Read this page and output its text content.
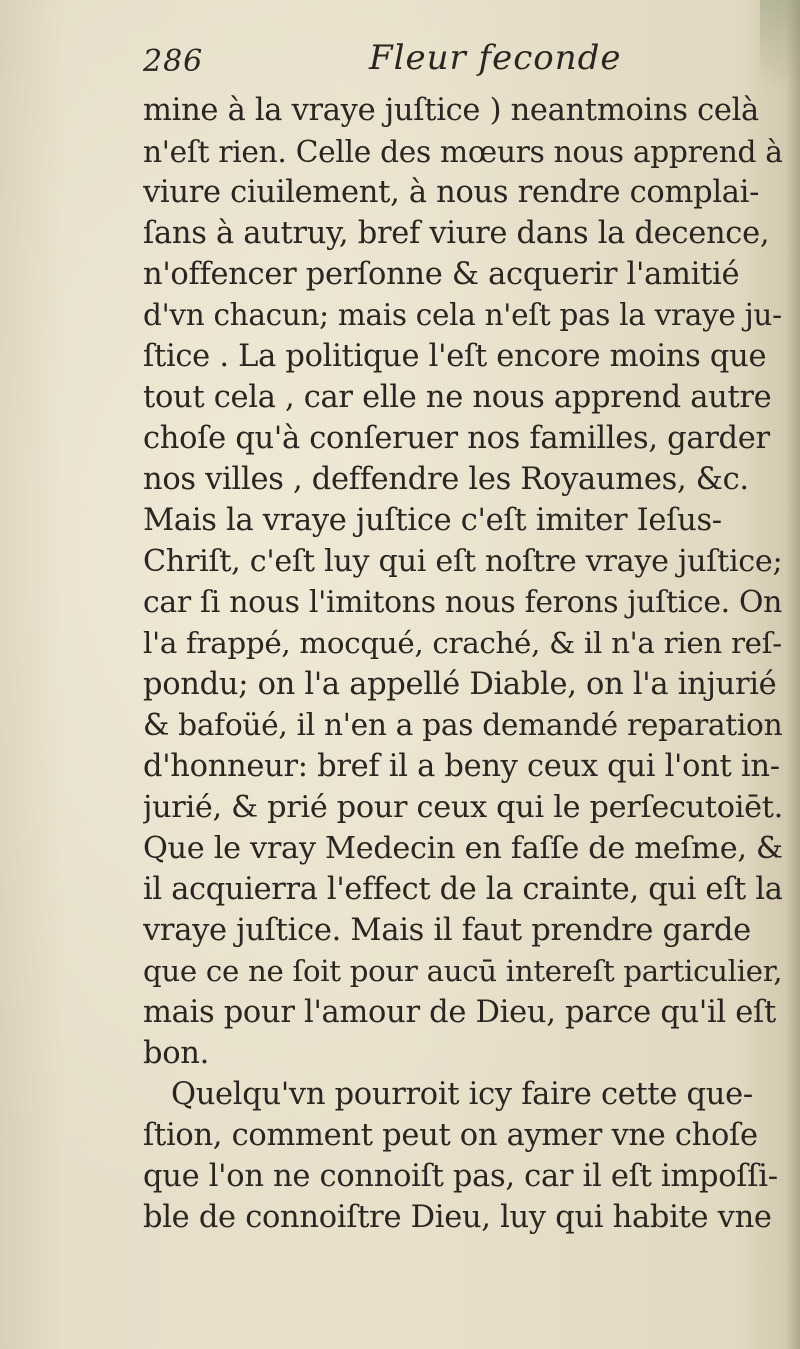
286	Fleur feconde
mine à la vraye juſtice ) neantmoins celà
n'eſt rien. Celle des mœurs nous apprend à
viure ciuilement, à nous rendre complai-
ſans à autruy, bref viure dans la decence,
n'offencer perſonne & acquerir l'amitié
d'vn chacun; mais cela n'eſt pas la vraye ju-
ſtice . La politique l'eſt encore moins que
tout cela , car elle ne nous apprend autre
choſe qu'à conſeruer nos familles, garder
nos villes , deffendre les Royaumes, &c.
Mais la vraye juſtice c'eſt imiter Ieſus-
Chriſt, c'eſt luy qui eſt noſtre vraye juſtice;
car ſi nous l'imitons nous ferons juſtice. On
l'a frappé, mocqué, craché, & il n'a rien reſ-
pondu; on l'a appellé Diable, on l'a injurié
& bafoüé, il n'en a pas demandé reparation
d'honneur: bref il a beny ceux qui l'ont in-
jurié, & prié pour ceux qui le perſecutoiēt.
Que le vray Medecin en faſſe de meſme, &
il acquierra l'effect de la crainte, qui eſt la
vraye juſtice. Mais il faut prendre garde
que ce ne ſoit pour aucū intereſt particulier,
mais pour l'amour de Dieu, parce qu'il eſt
bon.
Quelqu'vn pourroit icy faire cette que-
ſtion, comment peut on aymer vne choſe
que l'on ne connoiſt pas, car il eſt impoſſi-
ble de connoiſtre Dieu, luy qui habite vne
